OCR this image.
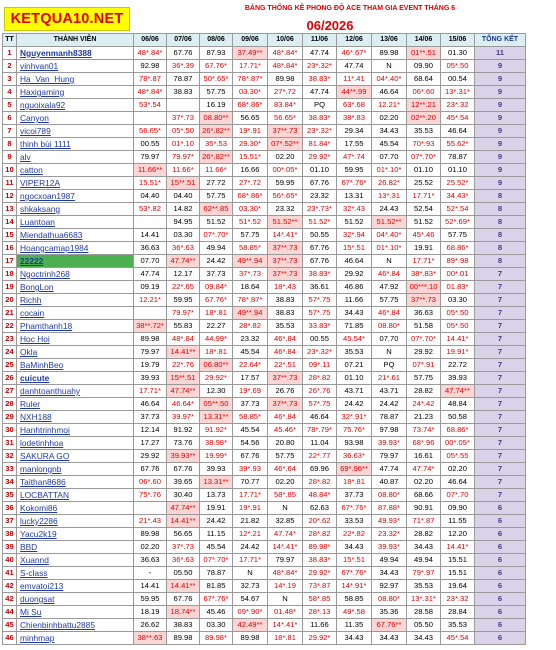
KETQUA10.NET
BẢNG THỐNG KÊ PHONG ĐỘ ACE THAM GIA EVENT THÁNG 6
06/2026
TT	THÀNH VIÊN	06/06	07/06	08/06	09/06	10/06	11/06	12/06	13/06	14/06	15/06	TỔNG KẾT
1	Nguyenmanh8388	48*.84*	67.76	87.93	37.49**	48*.84*	47.74	46*.67*	89.98	01**.51	01.30	11
2	vinhvan01	92.98	36*.39	67.76*	17.71*	48*.84*	23*.32*	47.74	N	09.90	05*.50	9
3	Ha_Van_Hung	78*.87	78.87	50*.65*	78*.87*	89.98	38.83*	11*.41	04*.40*	68.64	00.54	9
4	Haxigaming	48*.84*	38.83	57.75	03.30*	27*.72	47.74	44**.99	46.64	06*.60	13*.31*	9
5	nguoixala92	53*.54		16.19	68*.86*	83.84*	PQ	63*.68	12.21*	12**.21	23*.32	9
6	Canyon		37*.73	08.80**	56.65	56.65*	38.83*	38*.83	02.20	02**.20	45*.54	9
7	vicoi789	56.65*	05*.50	26*.82**	19*.91	37**.73	23*.32*	29.34	34.43	35.53	46.64	9
8	thinh bùi 1111	00.55	01*.10	35*.53	29.30*	07*.52**	81.84*	17.55	45.54	70*.93	55.62*	9
9	alv	79.97	79.97*	26*.82**	15.51*	02.20	29.92*	47*.74	07.70	07*.70*	78.87	9
10	catton	11.66**	11.66*	11.66*	16.66	00*.05*	01.10	59.95	01*.10*	01.10	01.10	9
11	VIPER12A	15.51*	15**.51	27.72	27*.72	59.95	67.76	67*.76*	26.82*	25.52	25.52*	9
12	ngocxoan1987	04.40	04.40	57.75	68*.86*	56*.65*	23.32	13.31	13*.31	17.71*	34.43*	8
13	shkaksang	53*.82	14.82	62**.85	03.30*	23.32	23*.73*	32*.43	24.43	52.54	52*.54	8
14	Luantoan		94.95	51.52	51*.52	51.52**	51.52*	51.52	51.52**	51.52	52*.69*	8
15	Miendathua6683	14.41	03.30	07*.70*	57.75	14*.41*	50.55	32*.94	04*.40*	45*.46	57.75	8
16	Hoangcamap1984	36.63	36*.63	49.94	58.85*	37**.73	67.76	15*.51	01*.10*	19.91	68.86*	8
17	22222	07.70	47.74**	24.42	49**.94	37**.73	67.76	46.64	N	17.71*	89*.98	8
18	Ngoctrinh268	47.74	12.17	37.73	37*.73	37**.73	38.83*	29.92	46*.84	38*.83*	00*.01	7
19	BongLon	09.19	22*.65	09.84*	18.64	18*.43	36.61	46.86	47.92	00***.10	01.83*	7
20	Richh	12.21*	59.95	67.76*	78*.87*	38.83	57*.75	11.66	57.75	37**.73	03.30	7
21	cocain		79.97*	18*.81	49**.94	38.83	57*.75	34.43	46*.84	36.63	05*.50	7
22	Phamthanh18	38**.72*	55.83	22.27	28*.82	35.53	33.83*	71.85	08.80*	51.58	05*.50	7
23	Hoc Hoi	89.98	48*.84	44.99*	23.32	46*.84	00.55	45.54*	07.70	07*.70*	14.41*	7
24	Okla	79.97	14.41**	18*.81	45.54	46*.84	23*.32*	35.53	N	29.92	19.91*	7
25	BaMinhBeo	19.79	22*.76	06.80**	22.64*	22*.51	09*.11	07.21	PQ	07*.91	22.72	7
26	cuicute	39.93	15**.51	29.92*	17.57	37**.73	28*.82	01.10	21*.61	57.75	39.93	7
27	danhtoanthuahy	17.71*	47.74**	12.30	19*.69	26.76	26*.76	43.71	43.71	28.82	47.74**	7
28	Ruler	46.64	46.64*	05**.50	37.73	37**.73	57*.75	24.42	24.42	24*.42	48.84	7
29	NXH188	37.73	39.97*	13.31**	58.85*	46*.84	46.64	32*.91*	78.87	21.23	50.58	7
30	Hanhtrinhmoi	12.14	91.92	91.92*	45.54	45.46*	78*.79*	75.76*	97.98	73.74*	68.86*	7
31	lodetinhhoa	17.27	73.76	38.98*	54.56	20.80	11.04	93.98	39.93*	68*.96	00*.05*	7
32	SAKURA GO	29.92	39.93**	19.99*	67.76	57.75	22*.77	36.63*	79.97	16.61	05*.55	7
33	manlongnb	67.76	67.76	39.93	39*.93	46*.64	69.96	69*.96**	47.74	47.74*	02.20	7
34	Taithan8686	06*.60	39.65	13.31**	70.77	02.20	28*.82	18*.81	40.87	02.20	46.64	7
35	LOCBATTAN	75*.76	30.40	13.73	17.71*	58*.85	48.84*	37.73	08.80*	68.66	07*.70	7
36	Kokomi86		47.74**	19.91	19*.91	N	62.63	67*.76*	87.88*	90.91	09.90	6
37	lucky2286	21*.43	14.41**	24.42	21.82	32.85	20*.62	33.53	49.93*	71*.87	11.55	6
38	Yacu2k19	89.98	56.65	11.15	12*.21	47.74*	28*.82	22*.82	23.32*	28.82	12.20	6
39	BBD	02.20	37*.73	45.54	24.42	14*.41*	89.98*	34.43	39.93*	34.43	14.41*	6
40	Xuannd	36.63	36*.63	07*.70*	17.71*	79.97	38.83*	15*.51	49.94	49.94	15.51	6
41	S-class	-	05.50	78.87	N	48*.84*	29.92*	67*.76*	34.43	79*.97	15.51	6
42	emvatoi213	14.41	14.41**	81.85	32.73	14*.19	73*.87	14*.91*	92.97	35.53	19.64	6
42	duongsat	59.95	67.76	67*.76*	54.67	N	58*.85	58.85	08.80*	13*.31*	23*.32	6
44	Mi Su	18.19	18.74**	45.46	09*.90*	01.48*	28*.13	49*.58	35.36	28.58	28.84	6
45	Chienbinhbattu2885	26.62	38.83	03.30	42.49**	14*.41*	11.66	11.35	67.76**	05.50	35.53	6
46	minhmap	38**.63	89.98	89.98*	89.98	18*.81	29.92*	34.43	34.43	34.43	45*.54	6
